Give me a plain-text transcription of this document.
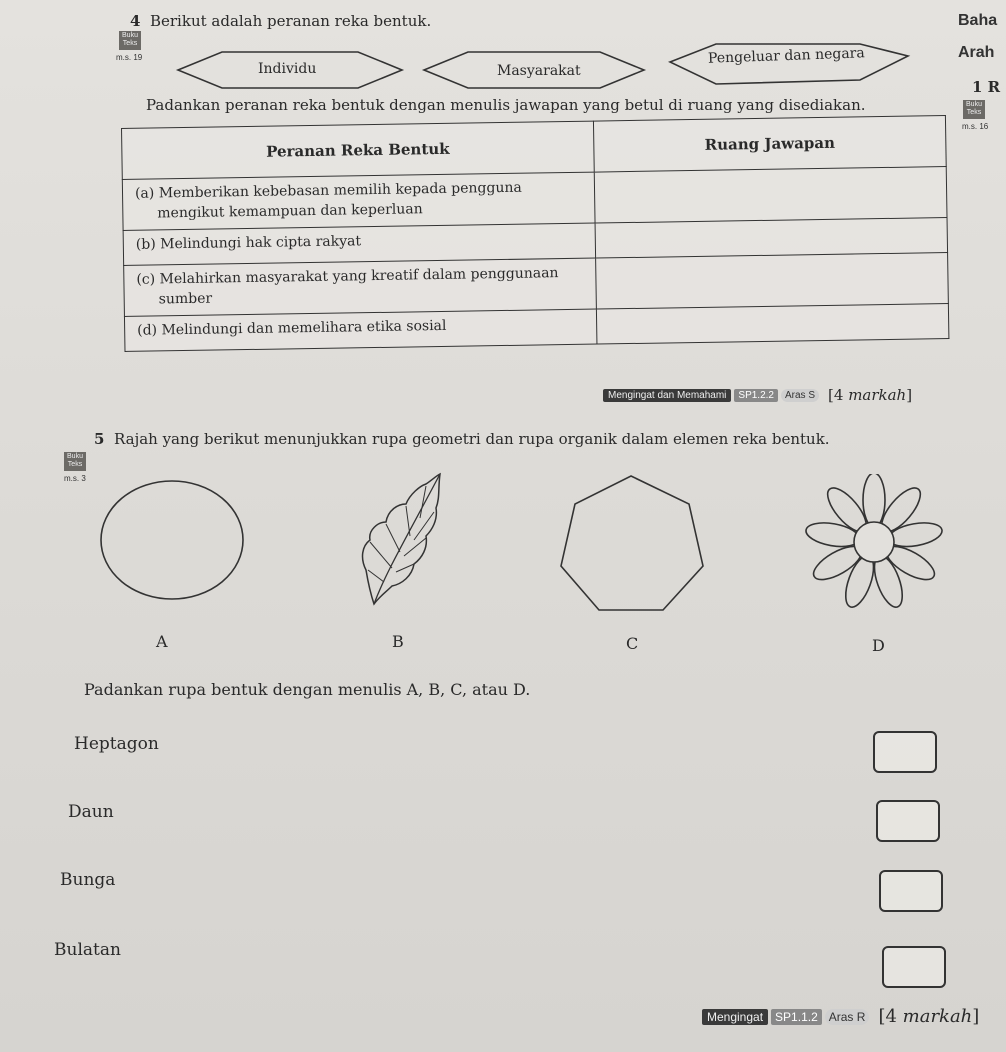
4 Berikut adalah peranan reka bentuk.
Buku
Teks
m.s. 19
Individu	Masyarakat
Pengeluar dan negara
Baha
Arah
1 R
Buku
Teks
m.s. 16
Padankan peranan reka bentuk dengan menulis jawapan yang betul di ruang yang disediakan.
Peranan Reka Bentuk	Ruang Jawapan

(a) Memberikan kebebasan memilih kepada pengguna mengikut kemampuan dan keperluan	

(b) Melindungi hak cipta rakyat	

(c) Melahirkan masyarakat yang kreatif dalam penggunaan sumber	

(d) Melindungi dan memelihara etika sosial	

Mengingat dan Memahami	SP1.2.2	Aras S [4 markah]
5 Rajah yang berikut menunjukkan rupa geometri dan rupa organik dalam elemen reka bentuk.
Buku
Teks
m.s. 3
A	B	C	D
Padankan rupa bentuk dengan menulis A, B, C, atau D.
Heptagon
Daun
Bunga
Bulatan
Mengingat	SP1.1.2 Aras R [4 markah]
